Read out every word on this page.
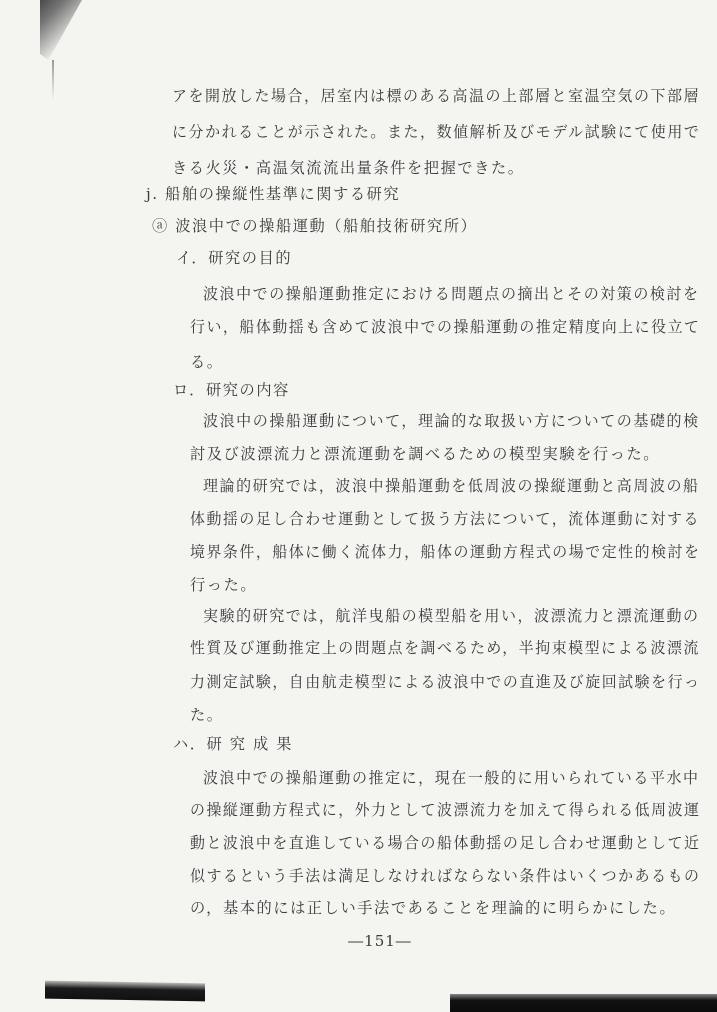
アを開放した場合，居室内は標のある高温の上部層と室温空気の下部層
に分かれることが示された。また，数値解析及びモデル試験にて使用で
きる火災・高温気流流出量条件を把握できた。
j. 船舶の操縦性基準に関する研究
ⓐ 波浪中での操船運動（船舶技術研究所）
イ．研究の目的
波浪中での操船運動推定における問題点の摘出とその対策の検討を
行い，船体動揺も含めて波浪中での操船運動の推定精度向上に役立て
る。
ロ．研究の内容
波浪中の操船運動について，理論的な取扱い方についての基礎的検
討及び波漂流力と漂流運動を調べるための模型実験を行った。
理論的研究では，波浪中操船運動を低周波の操縦運動と高周波の船
体動揺の足し合わせ運動として扱う方法について，流体運動に対する
境界条件，船体に働く流体力，船体の運動方程式の場で定性的検討を
行った。
実験的研究では，航洋曳船の模型船を用い，波漂流力と漂流運動の
性質及び運動推定上の問題点を調べるため，半拘束模型による波漂流
力測定試験，自由航走模型による波浪中での直進及び旋回試験を行っ
た。
ハ．研 究 成 果
波浪中での操船運動の推定に，現在一般的に用いられている平水中
の操縦運動方程式に，外力として波漂流力を加えて得られる低周波運
動と波浪中を直進している場合の船体動揺の足し合わせ運動として近
似するという手法は満足しなければならない条件はいくつかあるもの
の，基本的には正しい手法であることを理論的に明らかにした。
―151―
